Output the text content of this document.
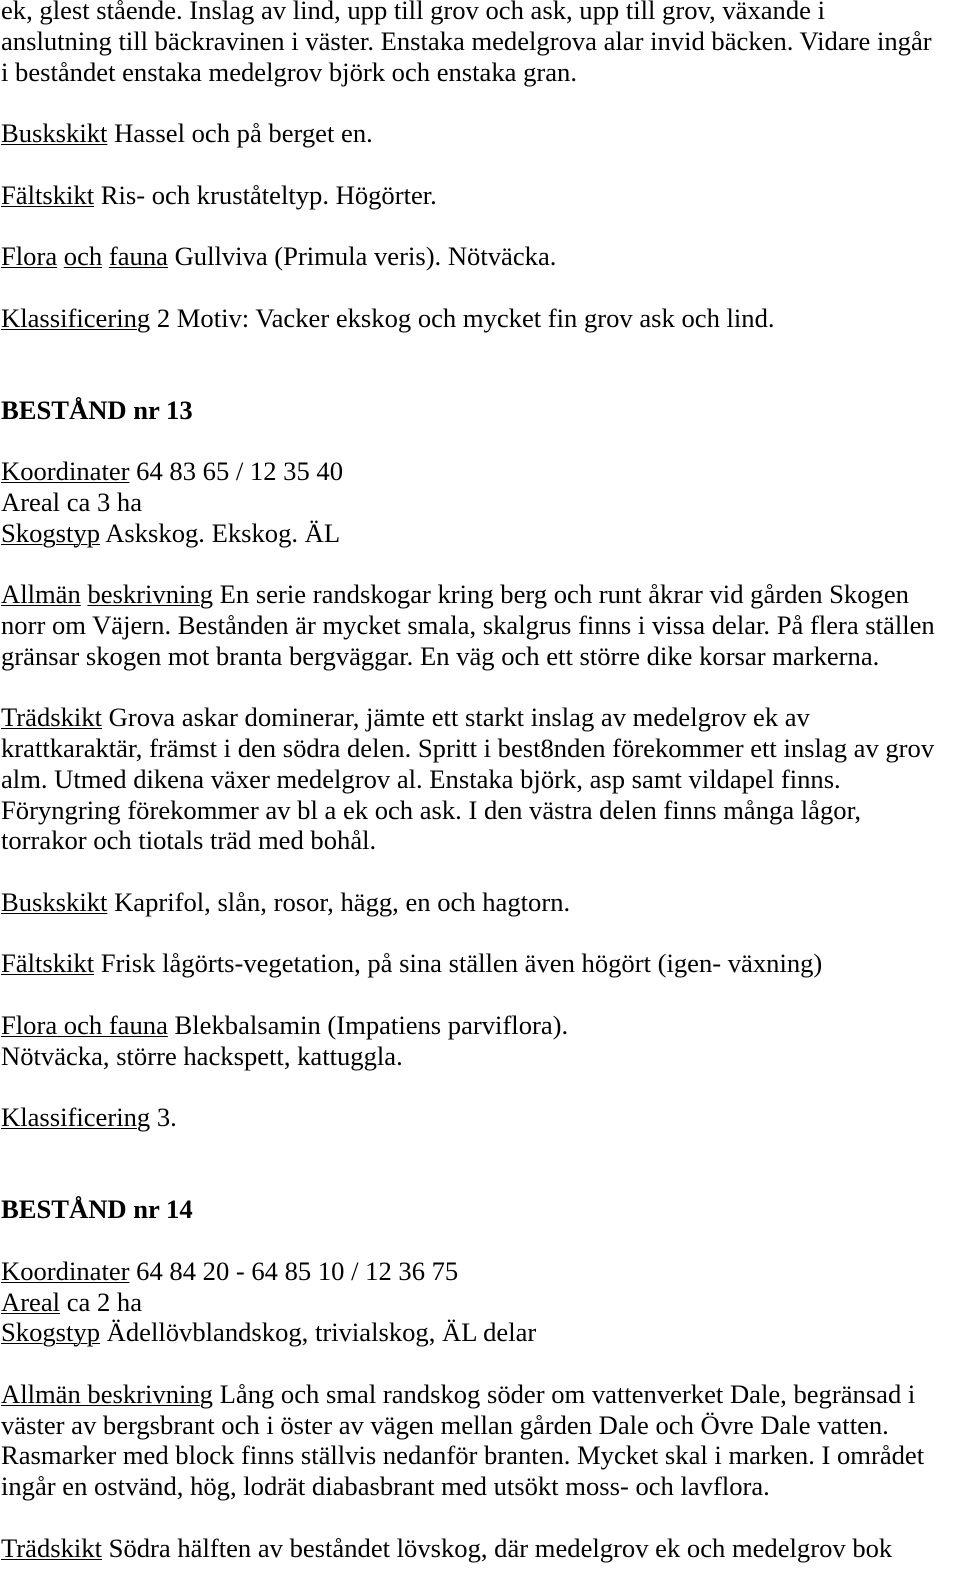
ek, glest stående. Inslag av lind, upp till grov och ask, upp till grov, växande i
anslutning till bäckravinen i väster. Enstaka medelgrova alar invid bäcken. Vidare ingår
i beståndet enstaka medelgrov björk och enstaka gran.
Buskskikt Hassel och på berget en.
Fältskikt Ris- och kruståteltyp. Högörter.
Flora och fauna Gullviva (Primula veris). Nötväcka.
Klassificering 2 Motiv: Vacker ekskog och mycket fin grov ask och lind.
BESTÅND nr 13
Koordinater 64 83 65 / 12 35 40
Areal ca 3 ha
Skogstyp Askskog. Ekskog. ÄL
Allmän beskrivning En serie randskogar kring berg och runt åkrar vid gården Skogen
norr om Väjern. Bestånden är mycket smala, skalgrus finns i vissa delar. På flera ställen
gränsar skogen mot branta bergväggar. En väg och ett större dike korsar markerna.
Trädskikt Grova askar dominerar, jämte ett starkt inslag av medelgrov ek av
krattkaraktär, främst i den södra delen. Spritt i best8nden förekommer ett inslag av grov
alm. Utmed dikena växer medelgrov al. Enstaka björk, asp samt vildapel finns.
Föryngring förekommer av bl a ek och ask. I den västra delen finns många lågor,
torrakor och tiotals träd med bohål.
Buskskikt Kaprifol, slån, rosor, hägg, en och hagtorn.
Fältskikt Frisk lågörts-vegetation, på sina ställen även högört (igen- växning)
Flora och fauna Blekbalsamin (Impatiens parviflora).
Nötväcka, större hackspett, kattuggla.
Klassificering 3.
BESTÅND nr 14
Koordinater 64 84 20 - 64 85 10 / 12 36 75
Areal ca 2 ha
Skogstyp Ädellövblandskog, trivialskog, ÄL delar
Allmän beskrivning Lång och smal randskog söder om vattenverket Dale, begränsad i
väster av bergsbrant och i öster av vägen mellan gården Dale och Övre Dale vatten.
Rasmarker med block finns ställvis nedanför branten. Mycket skal i marken. I området
ingår en ostvänd, hög, lodrät diabasbrant med utsökt moss- och lavflora.
Trädskikt Södra hälften av beståndet lövskog, där medelgrov ek och medelgrov bok
